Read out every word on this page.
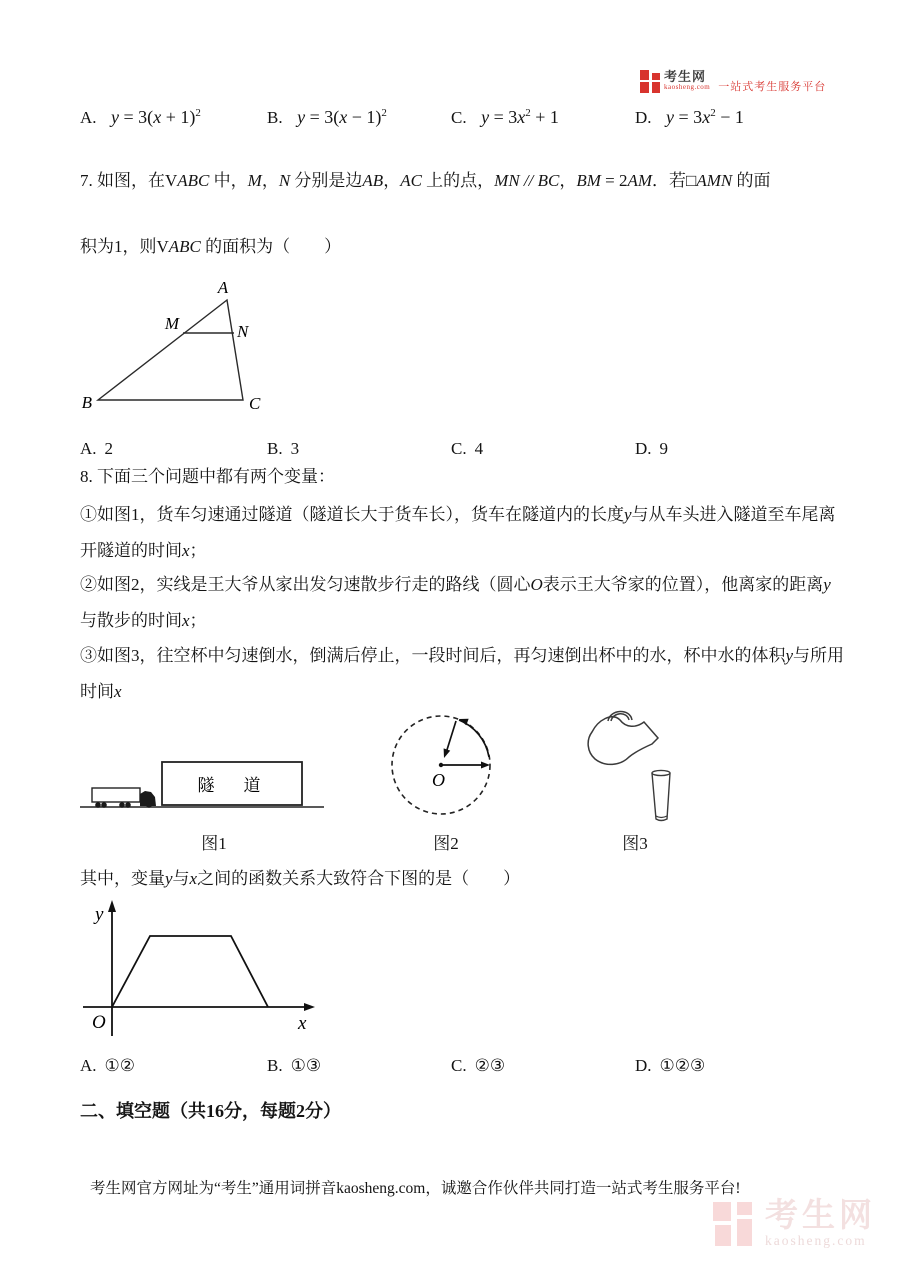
考生网
kaosheng.com 一站式考生服务平台
A. $y = 3(x + 1)^2$	B. $y = 3(x - 1)^2$	C. $y = 3x^2 + 1$	D. $y = 3x^2 - 1$
7. 如图，在VABC 中，M，N 分别是边AB，AC 上的点，MN // BC，BM = 2AM．若□AMN 的面
积为1，则VABC 的面积为（　　）
A
B	C
M	N
A. 2	B. 3	C. 4	D. 9
8. 下面三个问题中都有两个变量：
①如图1，货车匀速通过隧道（隧道长大于货车长），货车在隧道内的长度y与从车头进入隧道至车尾离
开隧道的时间x；
②如图2，实线是王大爷从家出发匀速散步行走的路线（圆心O表示王大爷家的位置），他离家的距离y
与散步的时间x；
③如图3，往空杯中匀速倒水，倒满后停止，一段时间后，再匀速倒出杯中的水，杯中水的体积y与所用
时间x
隧　道	O
图1	图2	图3
其中，变量y与x之间的函数关系大致符合下图的是（　　）
y
O	x
A. ①②	B. ①③	C. ②③	D. ①②③
二、填空题（共16分，每题2分）
考生网官方网址为“考生”通用词拼音kaosheng.com，诚邀合作伙伴共同打造一站式考生服务平台!
考生网
kaosheng.com
